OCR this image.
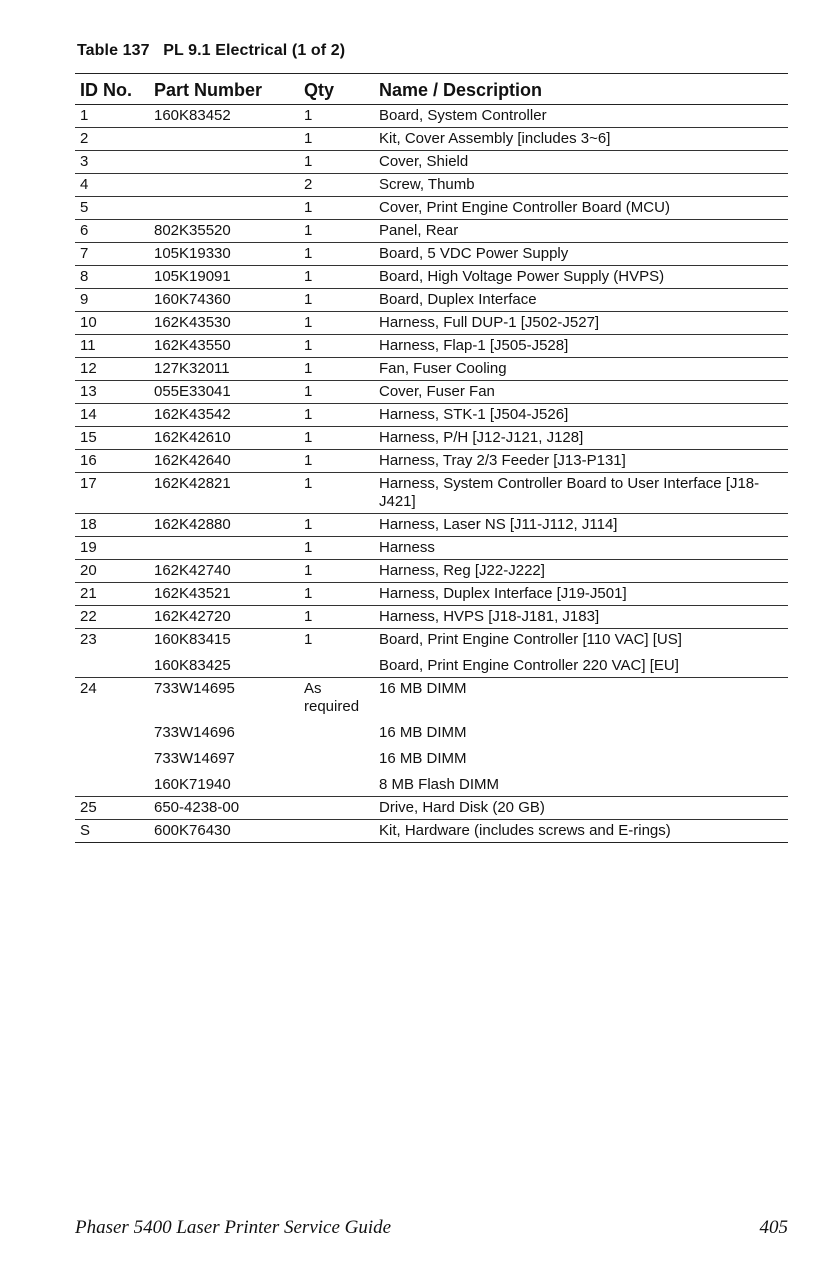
Table 137 PL 9.1 Electrical (1 of 2)
ID No.	Part Number	Qty	Name / Description
1	160K83452	1	Board, System Controller
2		1	Kit, Cover Assembly [includes 3~6]
3		1	Cover, Shield
4		2	Screw, Thumb
5		1	Cover, Print Engine Controller Board (MCU)
6	802K35520	1	Panel, Rear
7	105K19330	1	Board, 5 VDC Power Supply
8	105K19091	1	Board, High Voltage Power Supply (HVPS)
9	160K74360	1	Board, Duplex Interface
10	162K43530	1	Harness, Full DUP-1 [J502-J527]
11	162K43550	1	Harness, Flap-1 [J505-J528]
12	127K32011	1	Fan, Fuser Cooling
13	055E33041	1	Cover, Fuser Fan
14	162K43542	1	Harness, STK-1 [J504-J526]
15	162K42610	1	Harness, P/H [J12-J121, J128]
16	162K42640	1	Harness, Tray 2/3 Feeder [J13-P131]
17	162K42821	1	Harness, System Controller Board to User Interface [J18-J421]
18	162K42880	1	Harness, Laser NS [J11-J112, J114]
19		1	Harness
20	162K42740	1	Harness, Reg [J22-J222]
21	162K43521	1	Harness, Duplex Interface [J19-J501]
22	162K42720	1	Harness, HVPS [J18-J181, J183]
23	160K83415	1	Board, Print Engine Controller [110 VAC] [US]
	160K83425		Board, Print Engine Controller 220 VAC] [EU]
24	733W14695	As required	16 MB DIMM
	733W14696		16 MB DIMM
	733W14697		16 MB DIMM
	160K71940		8 MB Flash DIMM
25	650-4238-00		Drive, Hard Disk (20 GB)
S	600K76430		Kit, Hardware (includes screws and E-rings)
Phaser 5400 Laser Printer Service Guide	405
